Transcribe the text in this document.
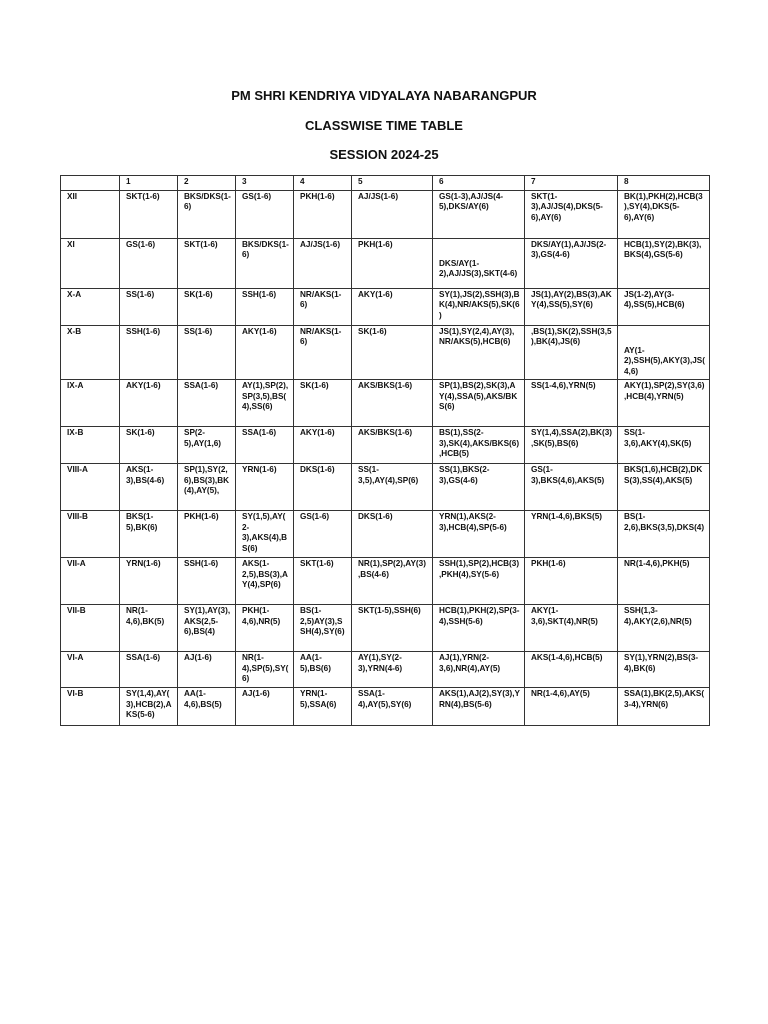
PM SHRI KENDRIYA VIDYALAYA NABARANGPUR
CLASSWISE TIME TABLE
SESSION 2024-25
	1	2	3	4	5	6	7	8
XII	SKT(1-6)	BKS/DKS(1-6)	GS(1-6)	PKH(1-6)	AJ/JS(1-6)	GS(1-3),AJ/JS(4-5),DKS/AY(6)	SKT(1-3),AJ/JS(4),DKS(5-6),AY(6)	BK(1),PKH(2),HCB(3),SY(4),DKS(5-6),AY(6)
XI	GS(1-6)	SKT(1-6)	BKS/DKS(1-6)	AJ/JS(1-6)	PKH(1-6)	DKS/AY(1-2),AJ/JS(3),SKT(4-6)	DKS/AY(1),AJ/JS(2-3),GS(4-6)	HCB(1),SY(2),BK(3),BKS(4),GS(5-6)
X-A	SS(1-6)	SK(1-6)	SSH(1-6)	NR/AKS(1-6)	AKY(1-6)	SY(1),JS(2),SSH(3),BK(4),NR/AKS(5),SK(6)	JS(1),AY(2),BS(3),AKY(4),SS(5),SY(6)	JS(1-2),AY(3-4),SS(5),HCB(6)
X-B	SSH(1-6)	SS(1-6)	AKY(1-6)	NR/AKS(1-6)	SK(1-6)	JS(1),SY(2,4),AY(3),NR/AKS(5),HCB(6)	,BS(1),SK(2),SSH(3,5),BK(4),JS(6)	AY(1-2),SSH(5),AKY(3),JS(4,6)
IX-A	AKY(1-6)	SSA(1-6)	AY(1),SP(2),SP(3,5),BS(4),SS(6)	SK(1-6)	AKS/BKS(1-6)	SP(1),BS(2),SK(3),AY(4),SSA(5),AKS/BKS(6)	SS(1-4,6),YRN(5)	AKY(1),SP(2),SY(3,6),HCB(4),YRN(5)
IX-B	SK(1-6)	SP(2-5),AY(1,6)	SSA(1-6)	AKY(1-6)	AKS/BKS(1-6)	BS(1),SS(2-3),SK(4),AKS/BKS(6),HCB(5)	SY(1,4),SSA(2),BK(3),SK(5),BS(6)	SS(1-3,6),AKY(4),SK(5)
VIII-A	AKS(1-3),BS(4-6)	SP(1),SY(2,6),BS(3),BK(4),AY(5),	YRN(1-6)	DKS(1-6)	SS(1-3,5),AY(4),SP(6)	SS(1),BKS(2-3),GS(4-6)	GS(1-3),BKS(4,6),AKS(5)	BKS(1,6),HCB(2),DKS(3),SS(4),AKS(5)
VIII-B	BKS(1-5),BK(6)	PKH(1-6)	SY(1,5),AY(2-3),AKS(4),BS(6)	GS(1-6)	DKS(1-6)	YRN(1),AKS(2-3),HCB(4),SP(5-6)	YRN(1-4,6),BKS(5)	BS(1-2,6),BKS(3,5),DKS(4)
VII-A	YRN(1-6)	SSH(1-6)	AKS(1-2,5),BS(3),AY(4),SP(6)	SKT(1-6)	NR(1),SP(2),AY(3),BS(4-6)	SSH(1),SP(2),HCB(3),PKH(4),SY(5-6)	PKH(1-6)	NR(1-4,6),PKH(5)
VII-B	NR(1-4,6),BK(5)	SY(1),AY(3),AKS(2,5-6),BS(4)	PKH(1-4,6),NR(5)	BS(1-2,5)AY(3),SSH(4),SY(6)	SKT(1-5),SSH(6)	HCB(1),PKH(2),SP(3-4),SSH(5-6)	AKY(1-3,6),SKT(4),NR(5)	SSH(1,3-4),AKY(2,6),NR(5)
VI-A	SSA(1-6)	AJ(1-6)	NR(1-4),SP(5),SY(6)	AA(1-5),BS(6)	AY(1),SY(2-3),YRN(4-6)	AJ(1),YRN(2-3,6),NR(4),AY(5)	AKS(1-4,6),HCB(5)	SY(1),YRN(2),BS(3-4),BK(6)
VI-B	SY(1,4),AY(3),HCB(2),AKS(5-6)	AA(1-4,6),BS(5)	AJ(1-6)	YRN(1-5),SSA(6)	SSA(1-4),AY(5),SY(6)	AKS(1),AJ(2),SY(3),YRN(4),BS(5-6)	NR(1-4,6),AY(5)	SSA(1),BK(2,5),AKS(3-4),YRN(6)
